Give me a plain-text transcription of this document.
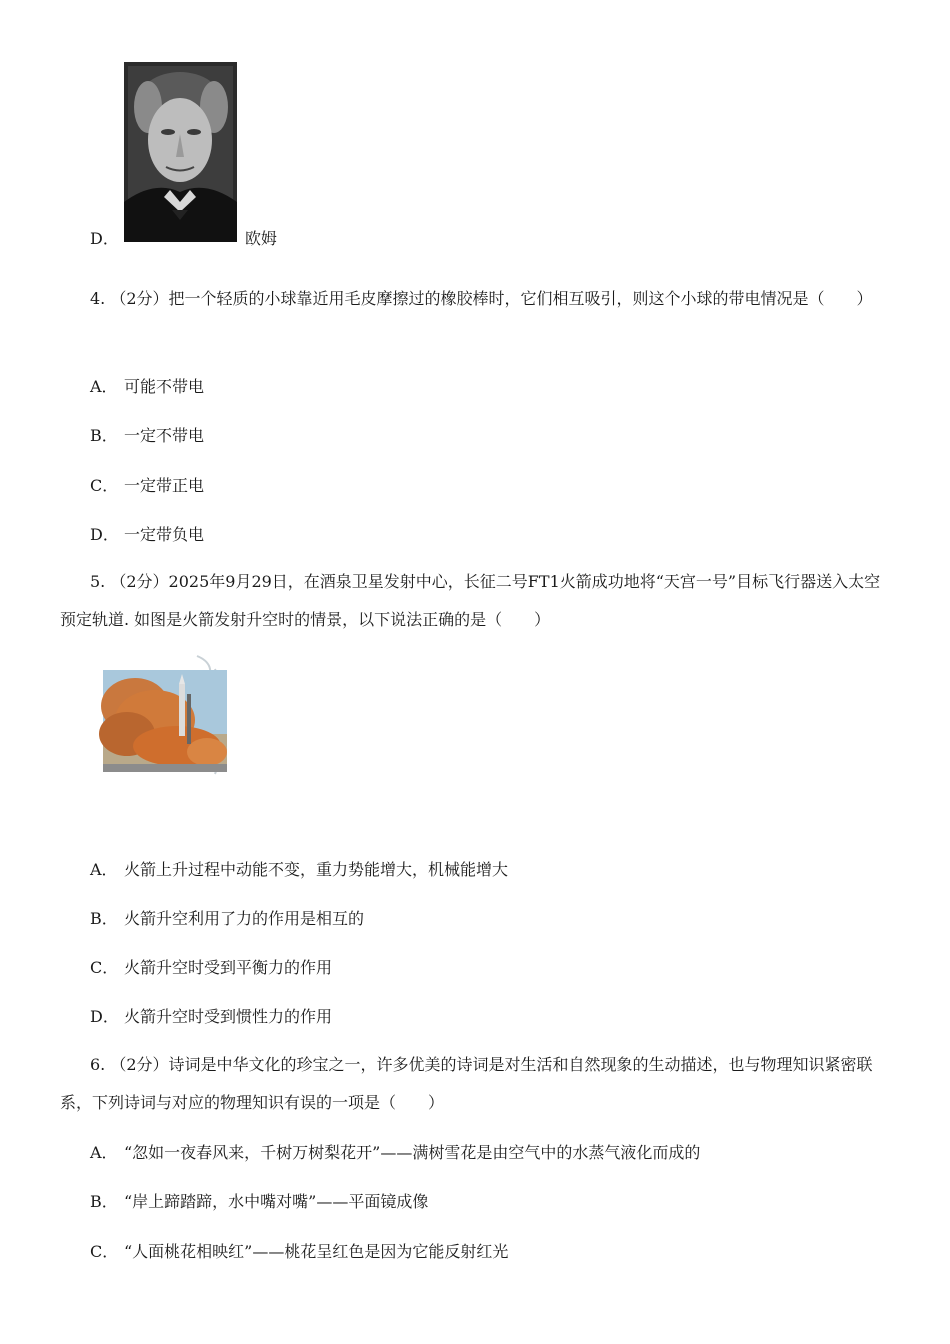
D．	欧姆
4. （2分）把一个轻质的小球靠近用毛皮摩擦过的橡胶棒时，它们相互吸引，则这个小球的带电情况是（　　）
A． 可能不带电
B． 一定不带电
C． 一定带正电
D． 一定带负电
5. （2分）2025年9月29日，在酒泉卫星发射中心，长征二号FT1火箭成功地将“天宫一号”目标飞行器送入太空预定轨道. 如图是火箭发射升空时的情景，以下说法正确的是（　　）
A． 火箭上升过程中动能不变，重力势能增大，机械能增大
B． 火箭升空利用了力的作用是相互的
C． 火箭升空时受到平衡力的作用
D． 火箭升空时受到惯性力的作用
6. （2分）诗词是中华文化的珍宝之一，许多优美的诗词是对生活和自然现象的生动描述，也与物理知识紧密联系，下列诗词与对应的物理知识有误的一项是（　　）
A． “忽如一夜春风来，千树万树梨花开”——满树雪花是由空气中的水蒸气液化而成的
B． “岸上蹄踏蹄，水中嘴对嘴”——平面镜成像
C． “人面桃花相映红”——桃花呈红色是因为它能反射红光
